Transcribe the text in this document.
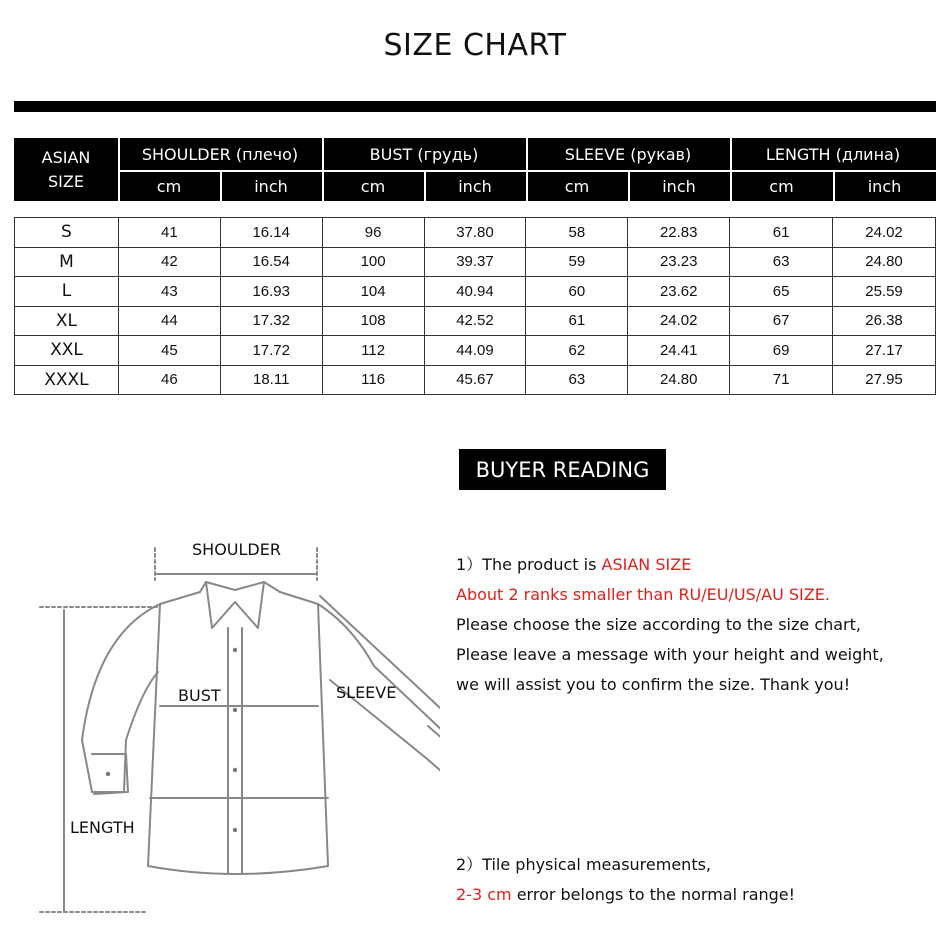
SIZE CHART
ASIAN
SIZE
SHOULDER (плечо)	BUST (грудь)	SLEEVE (рукав)	LENGTH (длина)
cm	inch	cm	inch	cm	inch	cm	inch
S	41	16.14	96	37.80	58	22.83	61	24.02
M	42	16.54	100	39.37	59	23.23	63	24.80
L	43	16.93	104	40.94	60	23.62	65	25.59
XL	44	17.32	108	42.52	61	24.02	67	26.38
XXL	45	17.72	112	44.09	62	24.41	69	27.17
XXXL	46	18.11	116	45.67	63	24.80	71	27.95
BUYER READING
SHOULDER
BUST	SLEEVE
LENGTH
1）The product is ASIAN SIZE
About 2 ranks smaller than RU/EU/US/AU SIZE.
Please choose the size according to the size chart,
Please leave a message with your height and weight,
we will assist you to confirm the size. Thank you!
2）Tile physical measurements,
2-3 cm error belongs to the normal range!
